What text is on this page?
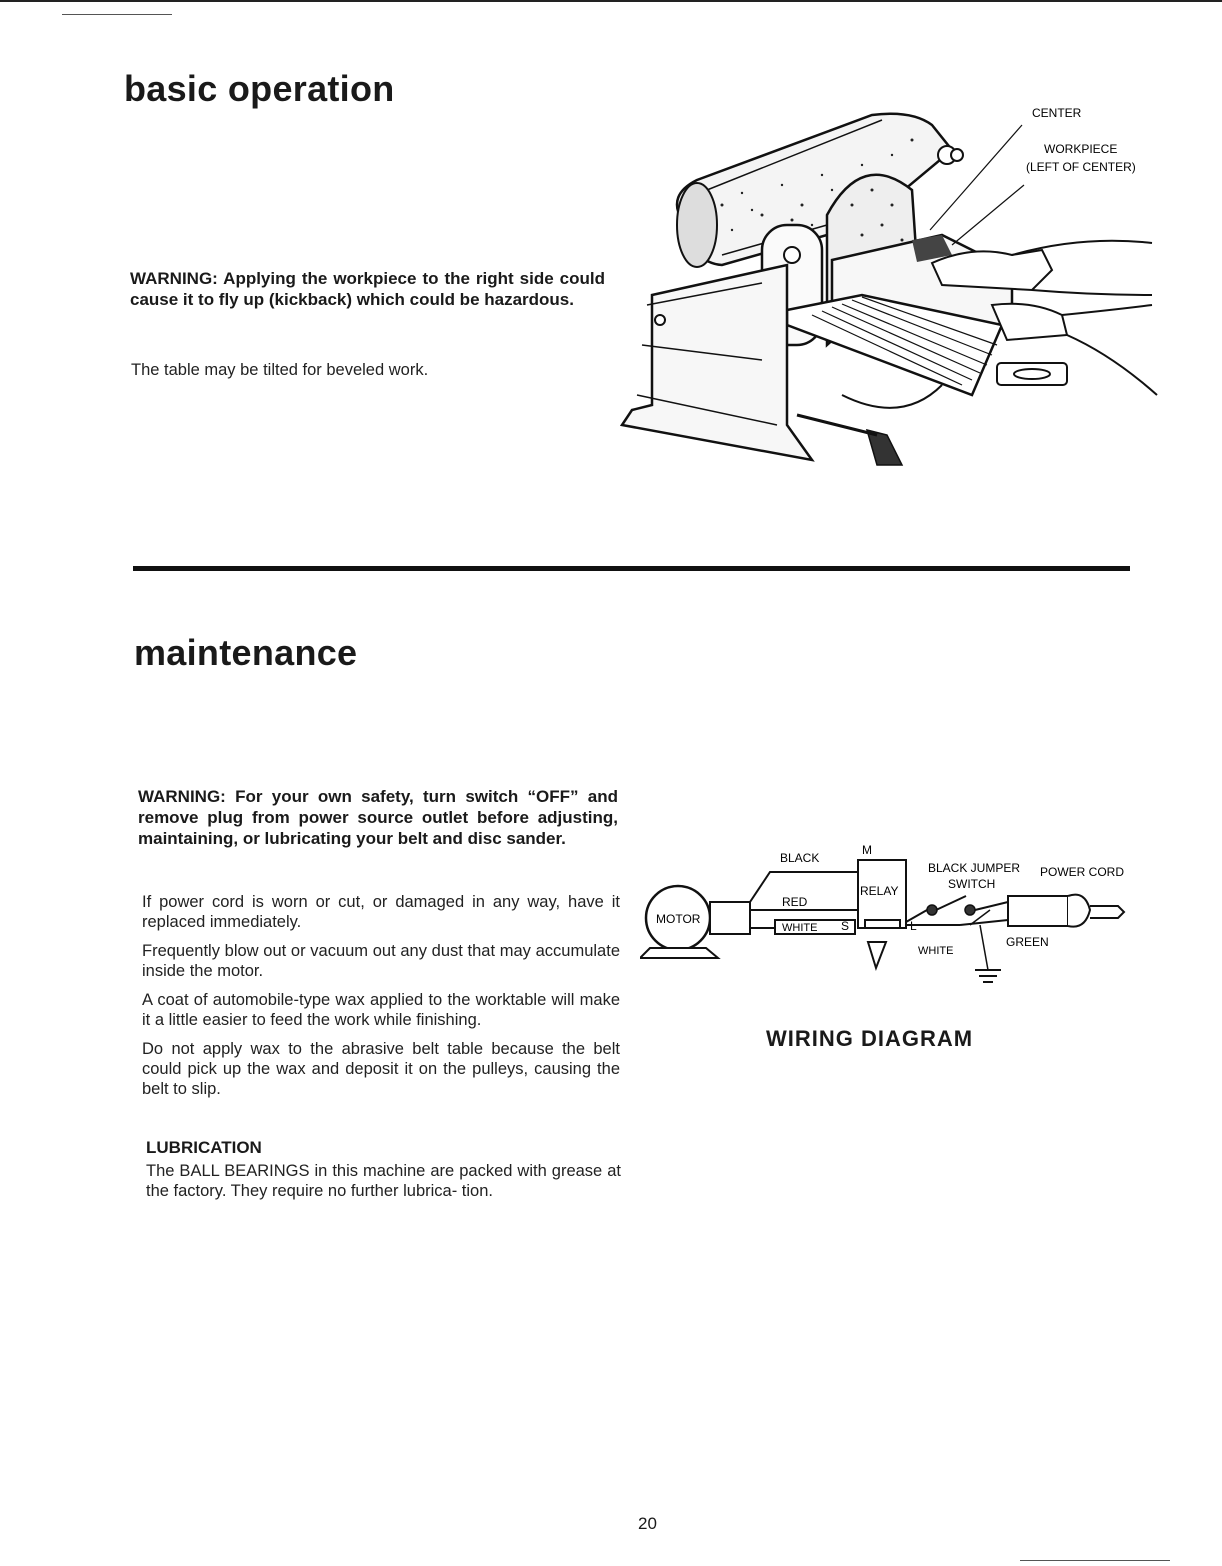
basic operation

WARNING: Applying the workpiece to the right side could cause it to fly up (kickback) which could be hazardous.

The table may be tilted for beveled work.

CENTER
WORKPIECE
(LEFT OF CENTER)
maintenance

WARNING: For your own safety, turn switch “OFF” and remove plug from power source outlet before adjusting, maintaining, or lubricating your belt and disc sander.

If power cord is worn or cut, or damaged in any way, have it replaced immediately.

Frequently blow out or vacuum out any dust that may accumulate inside the motor.

A coat of automobile-type wax applied to the worktable will make it a little easier to feed the work while finishing.

Do not apply wax to the abrasive belt table because the belt could pick up the wax and deposit it on the pulleys, causing the belt to slip.

LUBRICATION

The BALL BEARINGS in this machine are packed with grease at the factory. They require no further lubrica- tion.

MOTOR
BLACK
RED
WHITE
RELAY
M
S	L
BLACK JUMPER
SWITCH
POWER CORD
GREEN
WHITE

WIRING DIAGRAM

20
